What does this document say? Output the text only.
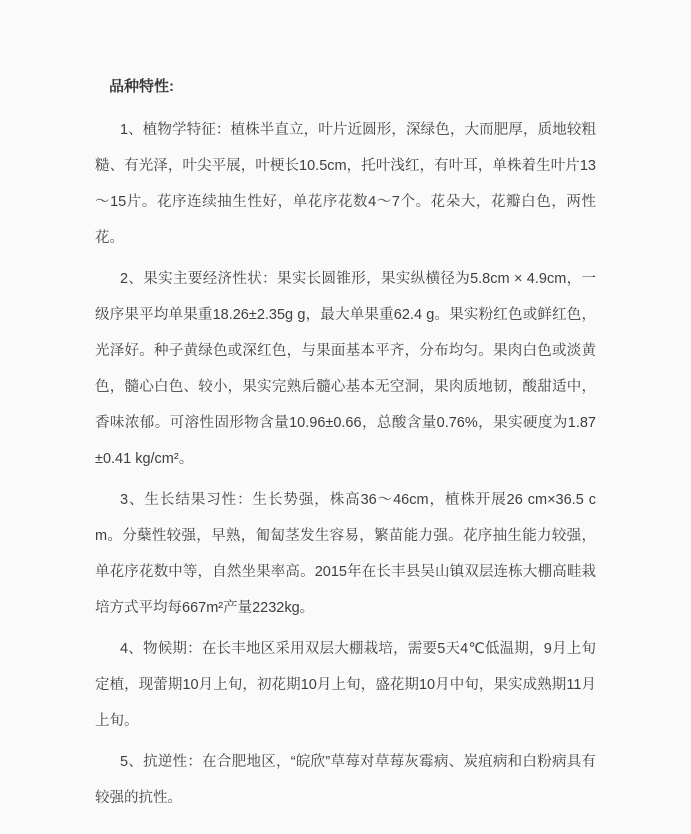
品种特性:

1、植物学特征：植株半直立，叶片近圆形，深绿色，大而肥厚，质地较粗糙、有光泽，叶尖平展，叶梗长10.5cm，托叶浅红，有叶耳，单株着生叶片13～15片。花序连续抽生性好，单花序花数4～7个。花朵大，花瓣白色，两性花。

2、果实主要经济性状：果实长圆锥形，果实纵横径为5.8cm × 4.9cm，一级序果平均单果重18.26±2.35g g，最大单果重62.4 g。果实粉红色或鲜红色，光泽好。种子黄绿色或深红色，与果面基本平齐，分布均匀。果肉白色或淡黄色，髓心白色、较小，果实完熟后髓心基本无空洞，果肉质地韧，酸甜适中，香味浓郁。可溶性固形物含量10.96±0.66，总酸含量0.76%，果实硬度为1.87±0.41 kg/cm²。

3、生长结果习性：生长势强，株高36～46cm，植株开展26 cm×36.5 cm。分蘖性较强，早熟，匍匐茎发生容易，繁苗能力强。花序抽生能力较强，单花序花数中等，自然坐果率高。2015年在长丰县吴山镇双层连栋大棚高畦栽培方式平均每667m²产量2232kg。

4、物候期：在长丰地区采用双层大棚栽培，需要5天4℃低温期，9月上旬定植，现蕾期10月上旬，初花期10月上旬，盛花期10月中旬，果实成熟期11月上旬。

5、抗逆性：在合肥地区，“皖欣”草莓对草莓灰霉病、炭疽病和白粉病具有较强的抗性。
